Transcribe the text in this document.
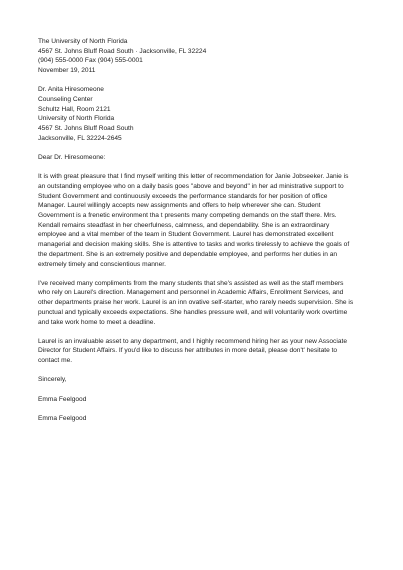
The University of North Florida
4567 St. Johns Bluff Road South · Jacksonville, FL 32224
(904) 555-0000 Fax (904) 555-0001
November 19, 2011
Dr. Anita Hiresomeone
Counseling Center
Schultz Hall, Room 2121
University of North Florida
4567 St. Johns Bluff Road South
Jacksonville, FL 32224-2645
Dear Dr. Hiresomeone:
It is with great pleasure that I find myself writing this letter of recommendation for Janie Jobseeker. Janie is
an outstanding employee who on a daily basis goes "above and beyond" in her ad ministrative support to
Student Government and continuously exceeds the performance standards for her position of office
Manager. Laurel willingly accepts new assignments and offers to help wherever she can. Student
Government is a frenetic environment tha t presents many competing demands on the staff there. Mrs.
Kendall remains steadfast in her cheerfulness, calmness, and dependability. She is an extraordinary
employee and a vital member of the team in Student Government. Laurel has demonstrated excellent
managerial and decision making skills. She is attentive to tasks and works tirelessly to achieve the goals of
the department. She is an extremely positive and dependable employee, and performs her duties in an
extremely timely and conscientious manner.
I've received many compliments from the many students that she's assisted as well as the staff members
who rely on Laurel's direction. Management and personnel in Academic Affairs, Enrollment Services, and
other departments praise her work. Laurel is an inn ovative self-starter, who rarely needs supervision. She is
punctual and typically exceeds expectations. She handles pressure well, and will voluntarily work overtime
and take work home to meet a deadline.
Laurel is an invaluable asset to any department, and I highly recommend hiring her as your new Associate
Director for Student Affairs. If you'd like to discuss her attributes in more detail, please don't' hesitate to
contact me.
Sincerely,
Emma Feelgood
Emma Feelgood
